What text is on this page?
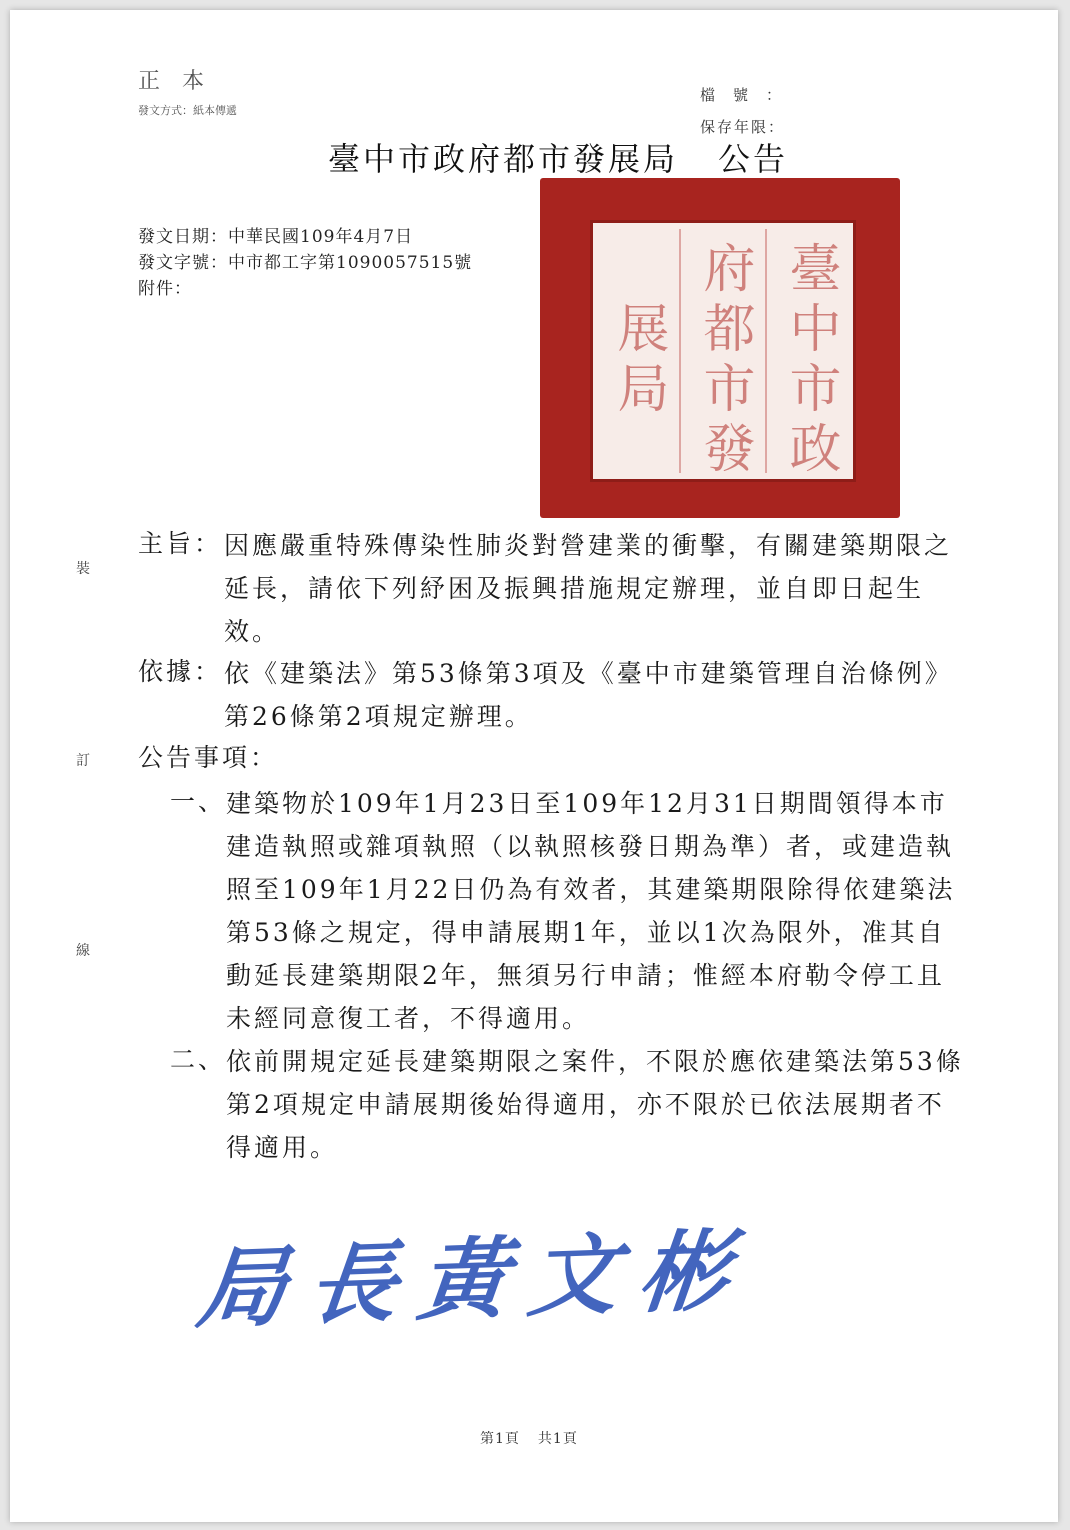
正本
發文方式：紙本傳遞
檔號：
保存年限：
臺中市政府都市發展局 公告
發文日期：中華民國109年4月7日
發文字號：中市都工字第1090057515號
附件：	臺中市政府都市發展局
裝
訂
線
主旨： 因應嚴重特殊傳染性肺炎對營建業的衝擊，有關建築期限之延長，請依下列紓困及振興措施規定辦理，並自即日起生效。
依據： 依《建築法》第53條第3項及《臺中市建築管理自治條例》第26條第2項規定辦理。
公告事項：
一、 建築物於109年1月23日至109年12月31日期間領得本市建造執照或雜項執照（以執照核發日期為準）者，或建造執照至109年1月22日仍為有效者，其建築期限除得依建築法第53條之規定，得申請展期1年，並以1次為限外，准其自動延長建築期限2年，無須另行申請；惟經本府勒令停工且未經同意復工者，不得適用。
二、 依前開規定延長建築期限之案件，不限於應依建築法第53條第2項規定申請展期後始得適用，亦不限於已依法展期者不得適用。
局長黃文彬
第1頁 共1頁
